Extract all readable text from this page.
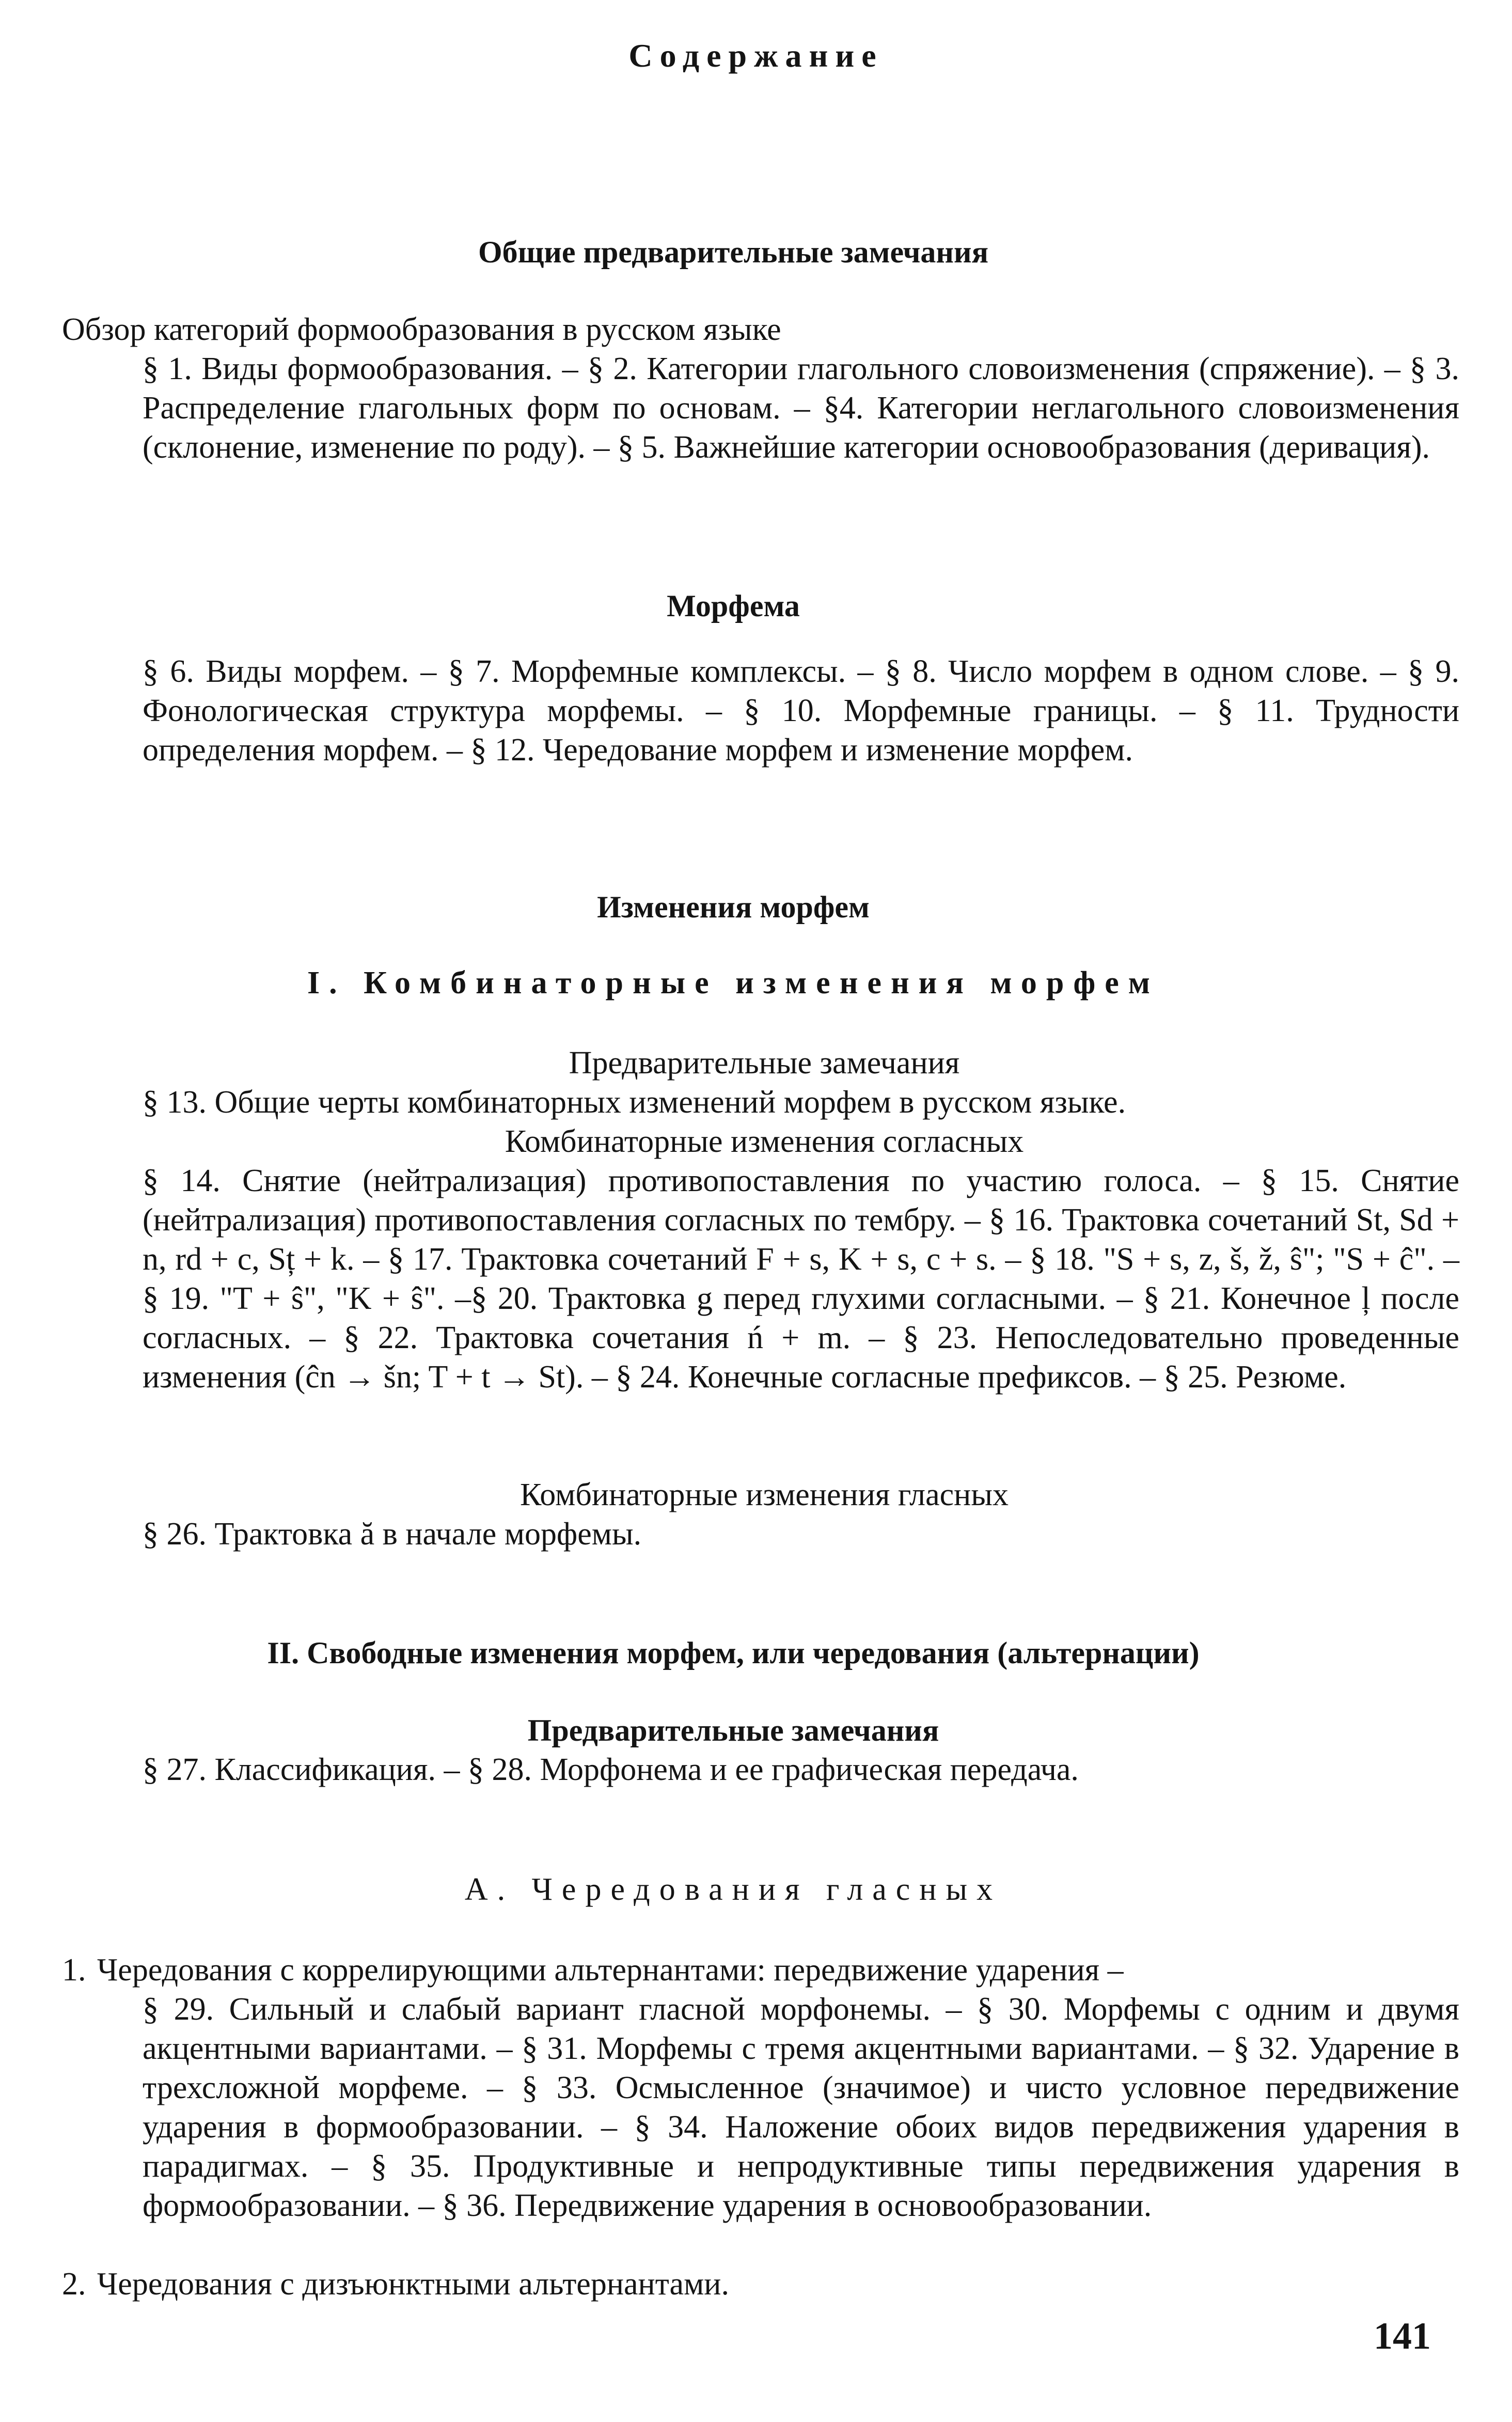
Содержание
Общие предварительные замечания
Обзор категорий формообразования в русском языке
§ 1. Виды формообразования. – § 2. Категории глагольного словоизменения (спряжение). – § 3. Распределение глагольных форм по основам. – §4. Категории неглагольного словоизменения (склонение, изменение по роду). – § 5. Важнейшие категории основообразования (деривация).
Морфема
§ 6. Виды морфем. – § 7. Морфемные комплексы. – § 8. Число морфем в одном слове. – § 9. Фонологическая структура морфемы. – § 10. Морфемные границы. – § 11. Трудности определения морфем. – § 12. Чередование морфем и изменение морфем.
Изменения морфем
I. Комбинаторные изменения морфем
Предварительные замечания
§ 13. Общие черты комбинаторных изменений морфем в русском языке.
Комбинаторные изменения согласных
§ 14. Снятие (нейтрализация) противопоставления по участию голоса. – § 15. Снятие (нейтрализация) противопоставления согласных по тембру. – § 16. Трактовка сочетаний St, Sd + n, rd + c, Sț + k. – § 17. Трактовка сочетаний F + s, K + s, c + s. – § 18. "S + s, z, š, ž, ŝ"; "S + ĉ". – § 19. "T + ŝ", "K + ŝ". –§ 20. Трактовка g перед глухими согласными. – § 21. Конечное ļ после согласных. – § 22. Трактовка сочетания ń + m. – § 23. Непоследовательно проведенные изменения (ĉn → šn; T + t → St). – § 24. Конечные согласные префиксов. – § 25. Резюме.
Комбинаторные изменения гласных
§ 26. Трактовка ă в начале морфемы.
II. Свободные изменения морфем, или чередования (альтернации)
Предварительные замечания
§ 27. Классификация. – § 28. Морфонема и ее графическая передача.
А. Чередования гласных
1. Чередования с коррелирующими альтернантами: передвижение ударения –
§ 29. Сильный и слабый вариант гласной морфонемы. – § 30. Морфемы с одним и двумя акцентными вариантами. – § 31. Морфемы с тремя акцентными вариантами. – § 32. Ударение в трехсложной морфеме. – § 33. Осмысленное (значимое) и чисто условное передвижение ударения в формообразовании. – § 34. Наложение обоих видов передвижения ударения в парадигмах. – § 35. Продуктивные и непродуктивные типы передвижения ударения в формообразовании. – § 36. Передвижение ударения в основообразовании.
2. Чередования с дизъюнктными альтернантами.
141
